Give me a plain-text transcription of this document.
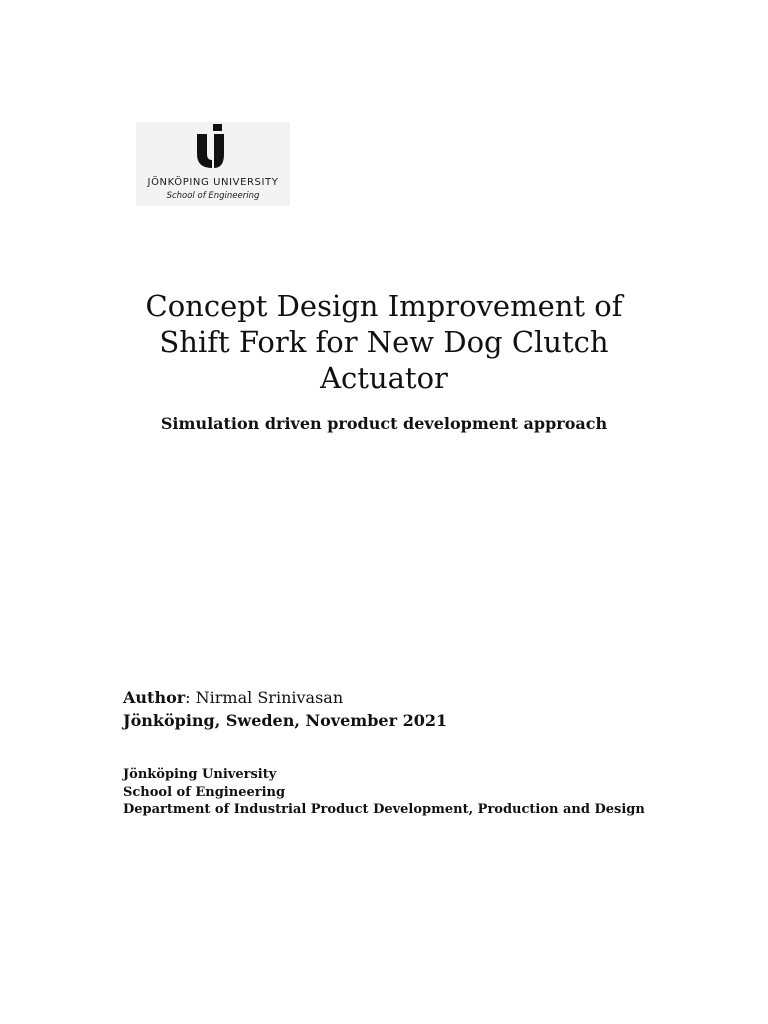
JÖNKÖPING UNIVERSITY
School of Engineering
Concept Design Improvement of
Shift Fork for New Dog Clutch
Actuator
Simulation driven product development approach
Author: Nirmal Srinivasan
Jönköping, Sweden, November 2021
Jönköping University
School of Engineering
Department of Industrial Product Development, Production and Design
